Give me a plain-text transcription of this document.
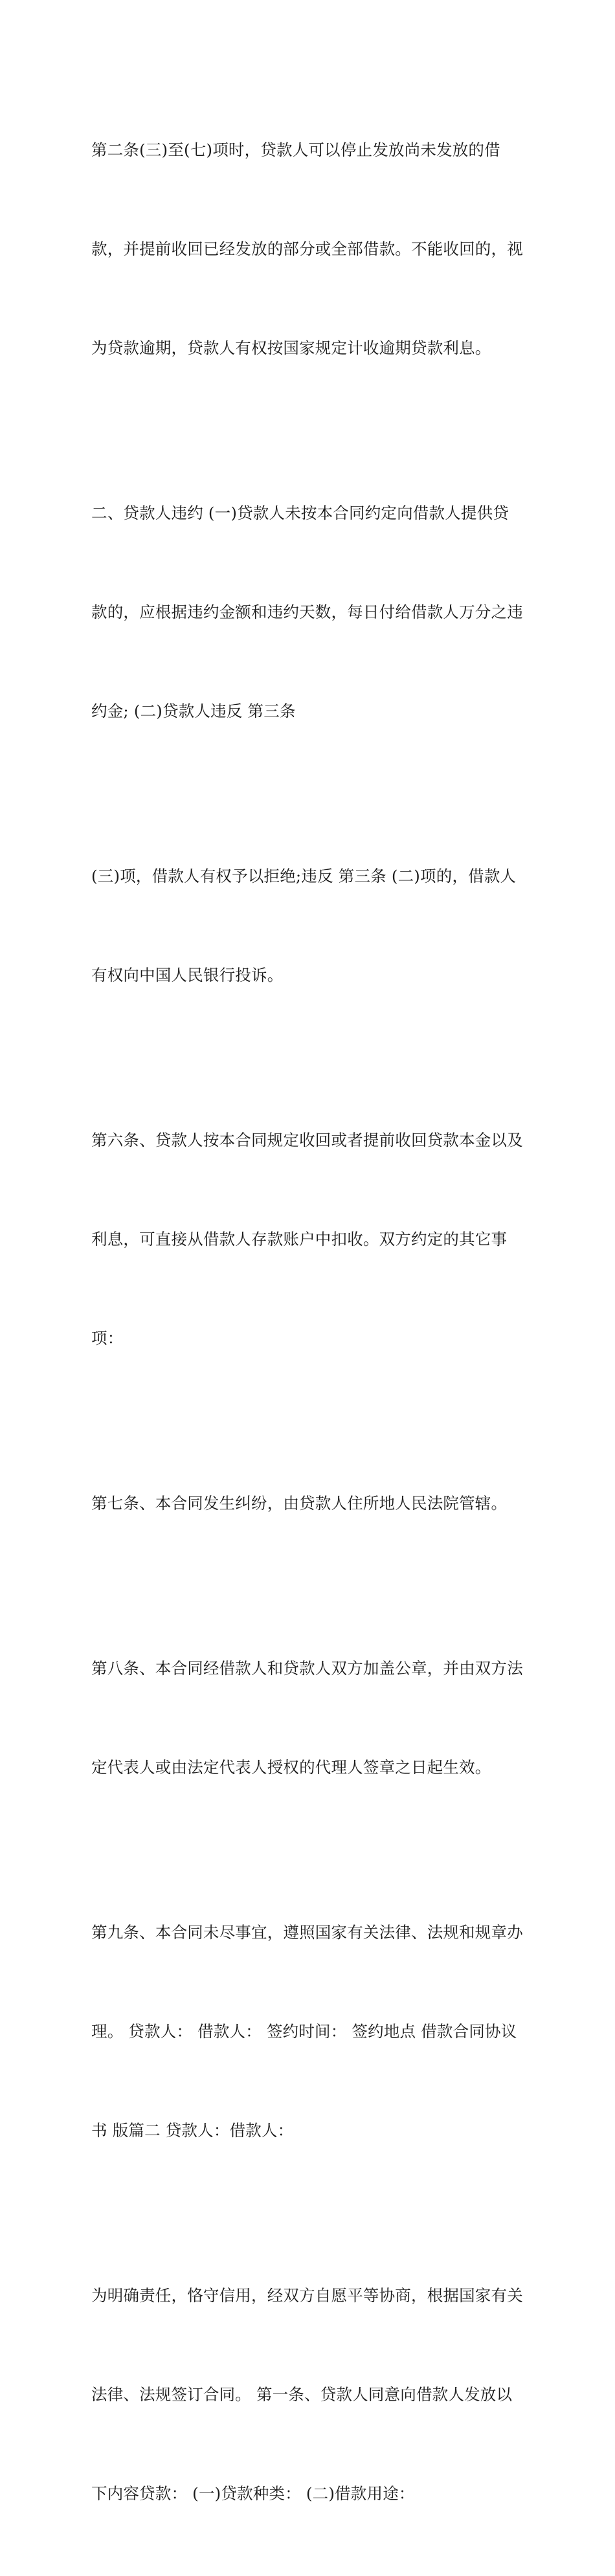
第二条(三)至(七)项时，贷款人可以停止发放尚未发放的借

款，并提前收回已经发放的部分或全部借款。不能收回的，视

为贷款逾期，贷款人有权按国家规定计收逾期贷款利息。

二、贷款人违约 (一)贷款人未按本合同约定向借款人提供贷

款的，应根据违约金额和违约天数，每日付给借款人万分之违

约金; (二)贷款人违反 第三条

(三)项，借款人有权予以拒绝;违反 第三条 (二)项的，借款人

有权向中国人民银行投诉。

第六条、贷款人按本合同规定收回或者提前收回贷款本金以及

利息，可直接从借款人存款账户中扣收。双方约定的其它事

项：

第七条、本合同发生纠纷，由贷款人住所地人民法院管辖。

第八条、本合同经借款人和贷款人双方加盖公章，并由双方法

定代表人或由法定代表人授权的代理人签章之日起生效。

第九条、本合同未尽事宜，遵照国家有关法律、法规和规章办

理。 贷款人： 借款人： 签约时间： 签约地点 借款合同协议

书 版篇二 贷款人：借款人：

为明确责任，恪守信用，经双方自愿平等协商，根据国家有关

法律、法规签订合同。 第一条、贷款人同意向借款人发放以

下内容贷款： (一)贷款种类： (二)借款用途：
